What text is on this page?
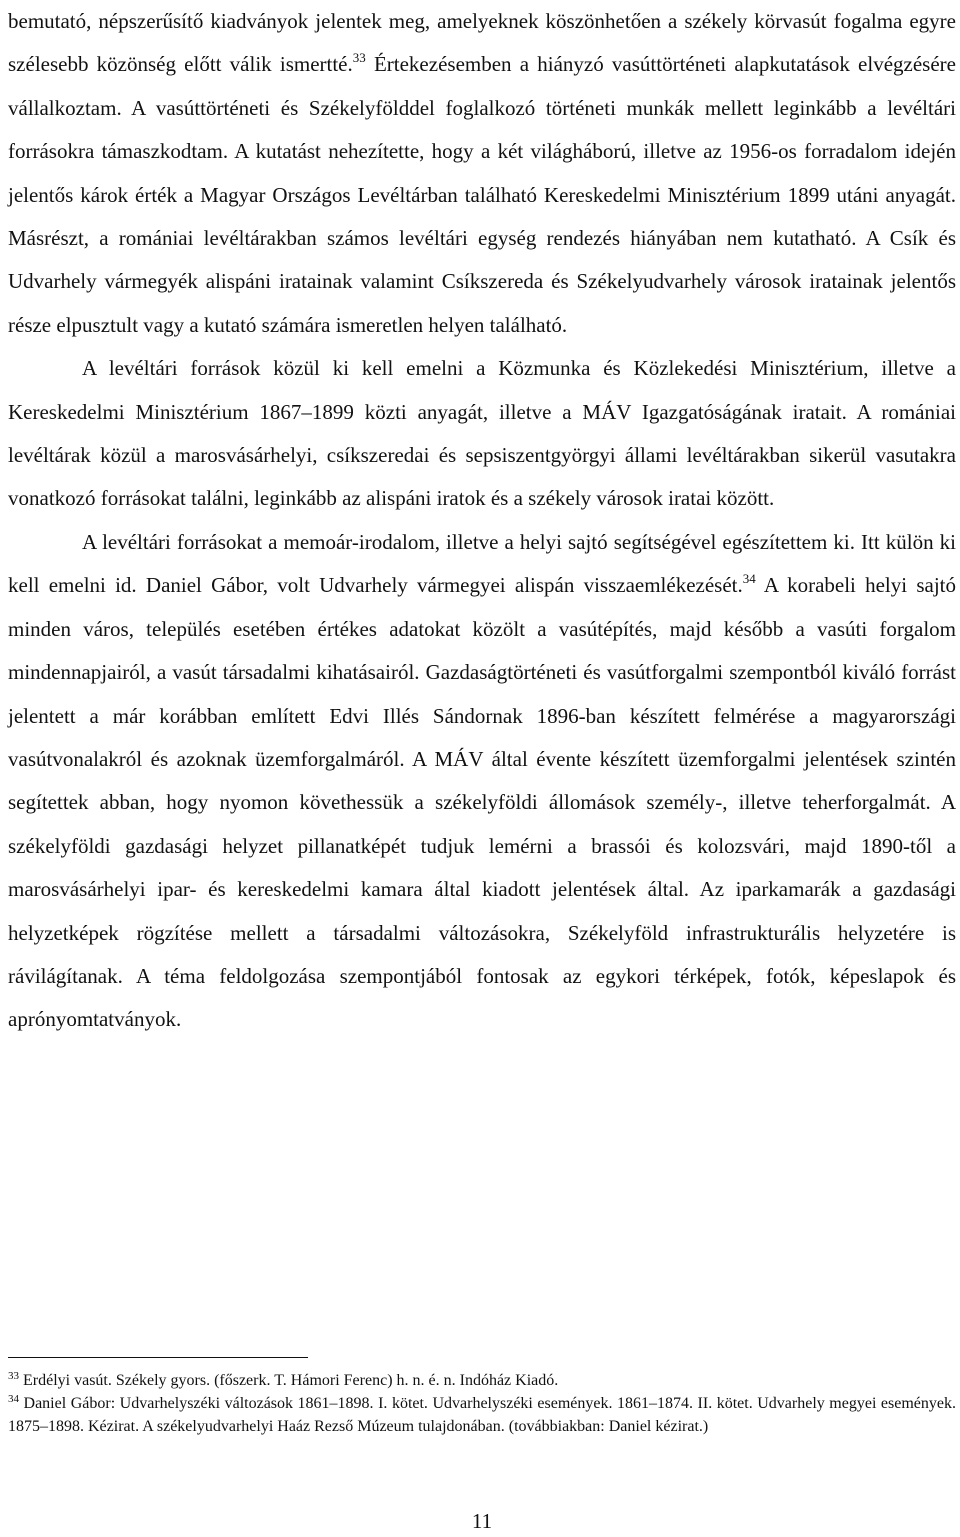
bemutató, népszerűsítő kiadványok jelentek meg, amelyeknek köszönhetően a székely körvasút fogalma egyre szélesebb közönség előtt válik ismertté.$^{33}$ Értekezésemben a hiányzó vasúttörténeti alapkutatások elvégzésére vállalkoztam. A vasúttörténeti és Székelyfölddel foglalkozó történeti munkák mellett leginkább a levéltári forrásokra támaszkodtam. A kutatást nehezítette, hogy a két világháború, illetve az 1956-os forradalom idején jelentős károk érték a Magyar Országos Levéltárban található Kereskedelmi Minisztérium 1899 utáni anyagát. Másrészt, a romániai levéltárakban számos levéltári egység rendezés hiányában nem kutatható. A Csík és Udvarhely vármegyék alispáni iratainak valamint Csíkszereda és Székelyudvarhely városok iratainak jelentős része elpusztult vagy a kutató számára ismeretlen helyen található.

A levéltári források közül ki kell emelni a Közmunka és Közlekedési Minisztérium, illetve a Kereskedelmi Minisztérium 1867–1899 közti anyagát, illetve a MÁV Igazgatóságának iratait. A romániai levéltárak közül a marosvásárhelyi, csíkszeredai és sepsiszentgyörgyi állami levéltárakban sikerül vasutakra vonatkozó forrásokat találni, leginkább az alispáni iratok és a székely városok iratai között.

A levéltári forrásokat a memoár-irodalom, illetve a helyi sajtó segítségével egészítettem ki. Itt külön ki kell emelni id. Daniel Gábor, volt Udvarhely vármegyei alispán visszaemlékezését.$^{34}$ A korabeli helyi sajtó minden város, település esetében értékes adatokat közölt a vasútépítés, majd később a vasúti forgalom mindennapjairól, a vasút társadalmi kihatásairól. Gazdaságtörténeti és vasútforgalmi szempontból kiváló forrást jelentett a már korábban említett Edvi Illés Sándornak 1896-ban készített felmérése a magyarországi vasútvonalakról és azoknak üzemforgalmáról. A MÁV által évente készített üzemforgalmi jelentések szintén segítettek abban, hogy nyomon követhessük a székelyföldi állomások személy-, illetve teherforgalmát. A székelyföldi gazdasági helyzet pillanatképét tudjuk lemérni a brassói és kolozsvári, majd 1890-től a marosvásárhelyi ipar- és kereskedelmi kamara által kiadott jelentések által. Az iparkamarák a gazdasági helyzetképek rögzítése mellett a társadalmi változásokra, Székelyföld infrastrukturális helyzetére is rávilágítanak. A téma feldolgozása szempontjából fontosak az egykori térképek, fotók, képeslapok és aprónyomtatványok.

$^{33}$ Erdélyi vasút. Székely gyors. (főszerk. T. Hámori Ferenc) h. n. é. n. Indóház Kiadó.

$^{34}$ Daniel Gábor: Udvarhelyszéki változások 1861–1898. I. kötet. Udvarhelyszéki események. 1861–1874. II. kötet. Udvarhely megyei események. 1875–1898. Kézirat. A székelyudvarhelyi Haáz Rezső Múzeum tulajdonában. (továbbiakban: Daniel kézirat.)

11
